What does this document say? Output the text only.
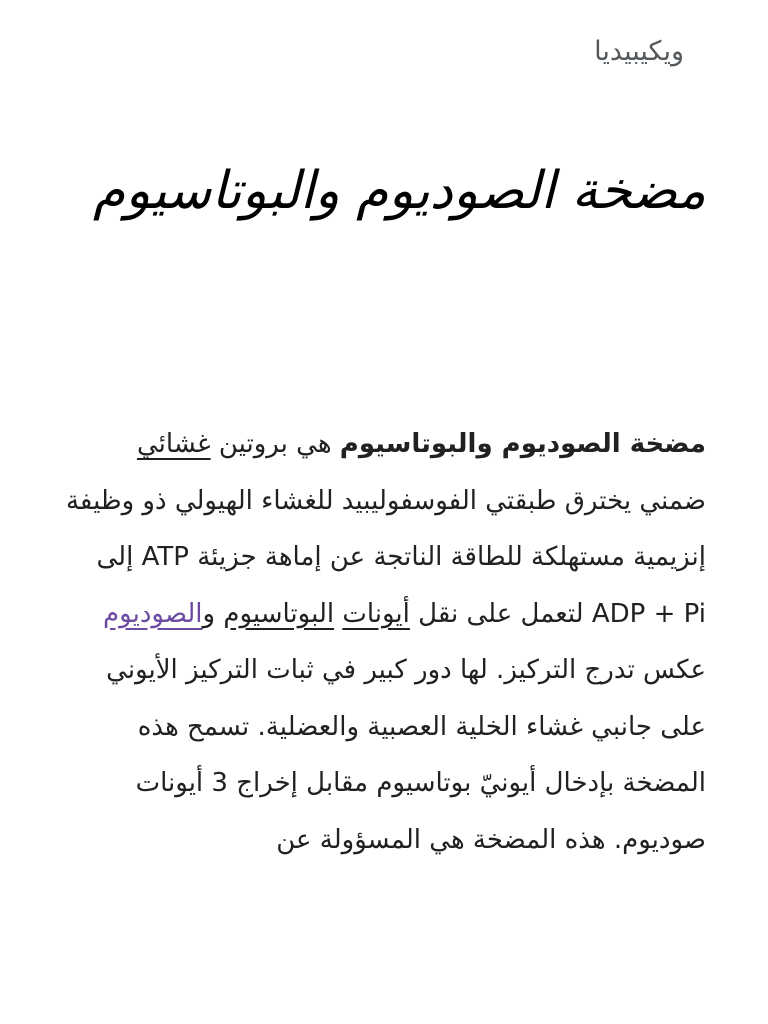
ويكيبيديا
مضخة الصوديوم والبوتاسيوم

مضخة الصوديوم والبوتاسيوم هي بروتين غشائي ضمني يخترق طبقتي الفوسفوليبيد للغشاء الهيولي ذو وظيفة إنزيمية مستهلكة للطاقة الناتجة عن إماهة جزيئة ATP إلى ADP + Pi لتعمل على نقل أيونات البوتاسيوم والصوديوم عكس تدرج التركيز. لها دور كبير في ثبات التركيز الأيوني على جانبي غشاء الخلية العصبية والعضلية. تسمح هذه المضخة بإدخال أيونيّ بوتاسيوم مقابل إخراج 3 أيونات صوديوم. هذه المضخة هي المسؤولة عن
